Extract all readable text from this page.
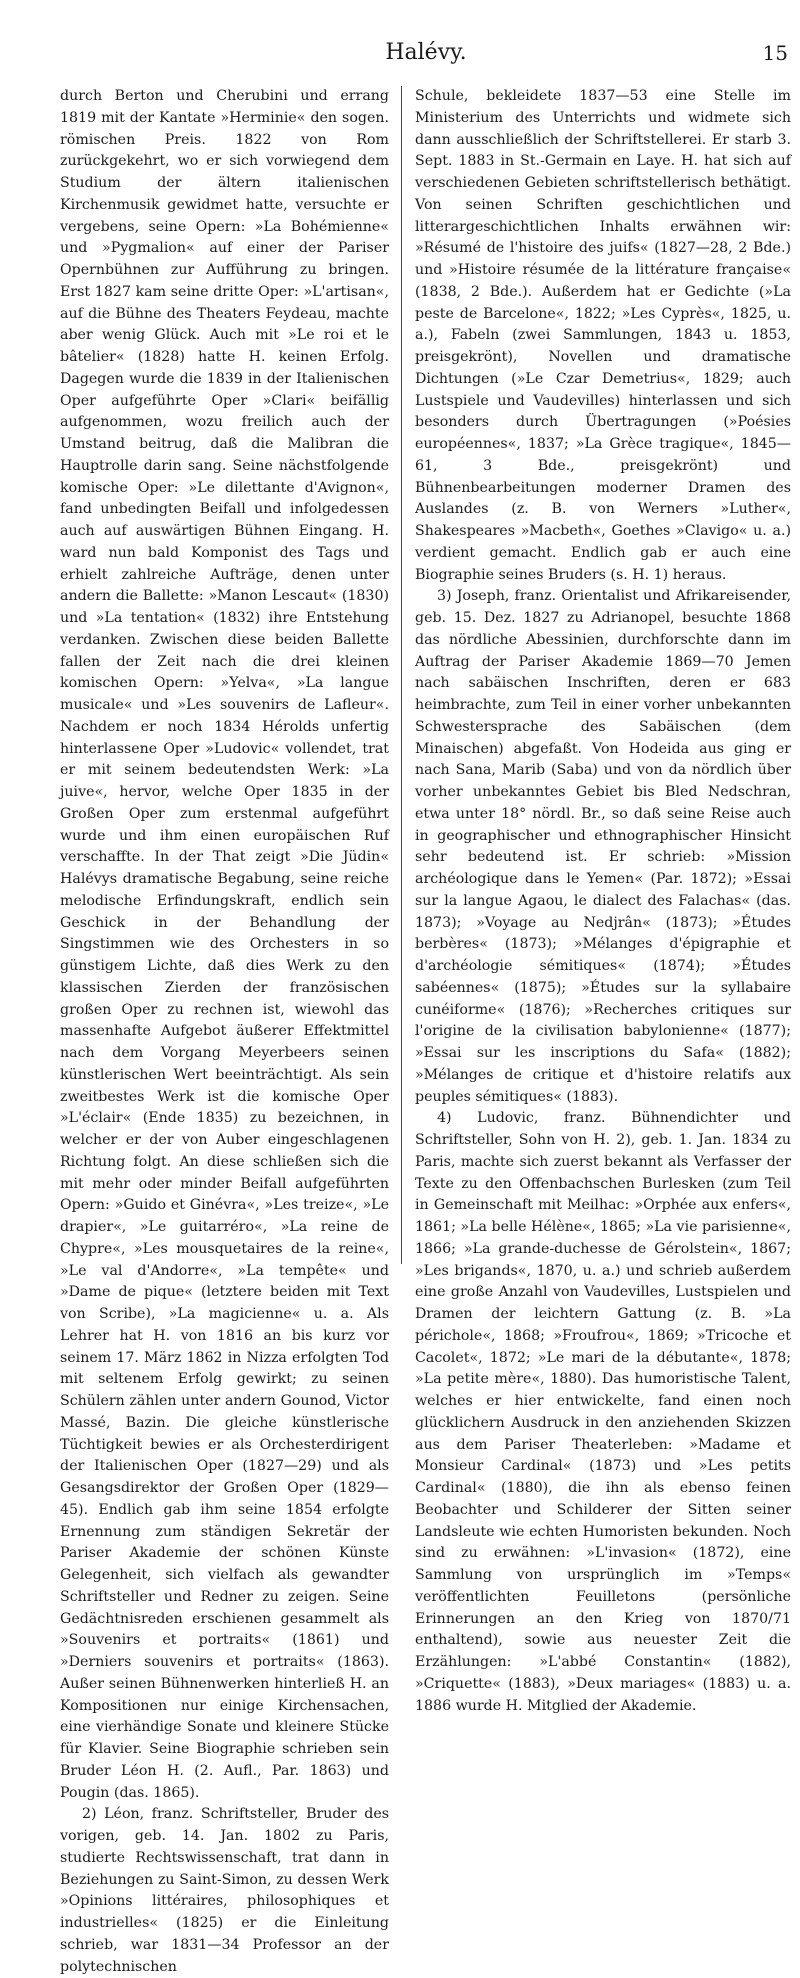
Halévy.	15

durch Berton und Cherubini und errang 1819 mit der Kantate »Herminie« den sogen. römischen Preis. 1822 von Rom zurückgekehrt, wo er sich vorwiegend dem Studium der ältern italienischen Kirchenmusik gewidmet hatte, versuchte er vergebens, seine Opern: »La Bohémienne« und »Pygmalion« auf einer der Pariser Opernbühnen zur Aufführung zu bringen. Erst 1827 kam seine dritte Oper: »L'artisan«, auf die Bühne des Theaters Feydeau, machte aber wenig Glück. Auch mit »Le roi et le bâtelier« (1828) hatte H. keinen Erfolg. Dagegen wurde die 1839 in der Italienischen Oper aufgeführte Oper »Clari« beifällig aufgenommen, wozu freilich auch der Umstand beitrug, daß die Malibran die Hauptrolle darin sang. Seine nächstfolgende komische Oper: »Le dilettante d'Avignon«, fand unbedingten Beifall und infolgedessen auch auf auswärtigen Bühnen Eingang. H. ward nun bald Komponist des Tags und erhielt zahlreiche Aufträge, denen unter andern die Ballette: »Manon Lescaut« (1830) und »La tentation« (1832) ihre Entstehung verdanken. Zwischen diese beiden Ballette fallen der Zeit nach die drei kleinen komischen Opern: »Yelva«, »La langue musicale« und »Les souvenirs de Lafleur«. Nachdem er noch 1834 Hérolds unfertig hinterlassene Oper »Ludovic« vollendet, trat er mit seinem bedeutendsten Werk: »La juive«, hervor, welche Oper 1835 in der Großen Oper zum erstenmal aufgeführt wurde und ihm einen europäischen Ruf verschaffte. In der That zeigt »Die Jüdin« Halévys dramatische Begabung, seine reiche melodische Erfindungskraft, endlich sein Geschick in der Behandlung der Singstimmen wie des Orchesters in so günstigem Lichte, daß dies Werk zu den klassischen Zierden der französischen großen Oper zu rechnen ist, wiewohl das massenhafte Aufgebot äußerer Effektmittel nach dem Vorgang Meyerbeers seinen künstlerischen Wert beeinträchtigt. Als sein zweitbestes Werk ist die komische Oper »L'éclair« (Ende 1835) zu bezeichnen, in welcher er der von Auber eingeschlagenen Richtung folgt. An diese schließen sich die mit mehr oder minder Beifall aufgeführten Opern: »Guido et Ginévra«, »Les treize«, »Le drapier«, »Le guitarréro«, »La reine de Chypre«, »Les mousquetaires de la reine«, »Le val d'Andorre«, »La tempête« und »Dame de pique« (letztere beiden mit Text von Scribe), »La magicienne« u. a. Als Lehrer hat H. von 1816 an bis kurz vor seinem 17. März 1862 in Nizza erfolgten Tod mit seltenem Erfolg gewirkt; zu seinen Schülern zählen unter andern Gounod, Victor Massé, Bazin. Die gleiche künstlerische Tüchtigkeit bewies er als Orchesterdirigent der Italienischen Oper (1827—29) und als Gesangsdirektor der Großen Oper (1829—45). Endlich gab ihm seine 1854 erfolgte Ernennung zum ständigen Sekretär der Pariser Akademie der schönen Künste Gelegenheit, sich vielfach als gewandter Schriftsteller und Redner zu zeigen. Seine Gedächtnisreden erschienen gesammelt als »Souvenirs et portraits« (1861) und »Derniers souvenirs et portraits« (1863). Außer seinen Bühnenwerken hinterließ H. an Kompositionen nur einige Kirchensachen, eine vierhändige Sonate und kleinere Stücke für Klavier. Seine Biographie schrieben sein Bruder Léon H. (2. Aufl., Par. 1863) und Pougin (das. 1865).

2) Léon, franz. Schriftsteller, Bruder des vorigen, geb. 14. Jan. 1802 zu Paris, studierte Rechtswissenschaft, trat dann in Beziehungen zu Saint-Simon, zu dessen Werk »Opinions littéraires, philosophiques et industrielles« (1825) er die Einleitung schrieb, war 1831—34 Professor an der polytechnischen

Schule, bekleidete 1837—53 eine Stelle im Ministerium des Unterrichts und widmete sich dann ausschließlich der Schriftstellerei. Er starb 3. Sept. 1883 in St.-Germain en Laye. H. hat sich auf verschiedenen Gebieten schriftstellerisch bethätigt. Von seinen Schriften geschichtlichen und litterargeschichtlichen Inhalts erwähnen wir: »Résumé de l'histoire des juifs« (1827—28, 2 Bde.) und »Histoire résumée de la littérature française« (1838, 2 Bde.). Außerdem hat er Gedichte (»La peste de Barcelone«, 1822; »Les Cyprès«, 1825, u. a.), Fabeln (zwei Sammlungen, 1843 u. 1853, preisgekrönt), Novellen und dramatische Dichtungen (»Le Czar Demetrius«, 1829; auch Lustspiele und Vaudevilles) hinterlassen und sich besonders durch Übertragungen (»Poésies européennes«, 1837; »La Grèce tragique«, 1845—61, 3 Bde., preisgekrönt) und Bühnenbearbeitungen moderner Dramen des Auslandes (z. B. von Werners »Luther«, Shakespeares »Macbeth«, Goethes »Clavigo« u. a.) verdient gemacht. Endlich gab er auch eine Biographie seines Bruders (s. H. 1) heraus.

3) Joseph, franz. Orientalist und Afrikareisender, geb. 15. Dez. 1827 zu Adrianopel, besuchte 1868 das nördliche Abessinien, durchforschte dann im Auftrag der Pariser Akademie 1869—70 Jemen nach sabäischen Inschriften, deren er 683 heimbrachte, zum Teil in einer vorher unbekannten Schwestersprache des Sabäischen (dem Minaischen) abgefaßt. Von Hodeida aus ging er nach Sana, Marib (Saba) und von da nördlich über vorher unbekanntes Gebiet bis Bled Nedschran, etwa unter 18° nördl. Br., so daß seine Reise auch in geographischer und ethnographischer Hinsicht sehr bedeutend ist. Er schrieb: »Mission archéologique dans le Yemen« (Par. 1872); »Essai sur la langue Agaou, le dialect des Falachas« (das. 1873); »Voyage au Nedjrân« (1873); »Études berbères« (1873); »Mélanges d'épigraphie et d'archéologie sémitiques« (1874); »Études sabéennes« (1875); »Études sur la syllabaire cunéiforme« (1876); »Recherches critiques sur l'origine de la civilisation babylonienne« (1877); »Essai sur les inscriptions du Safa« (1882); »Mélanges de critique et d'histoire relatifs aux peuples sémitiques« (1883).

4) Ludovic, franz. Bühnendichter und Schriftsteller, Sohn von H. 2), geb. 1. Jan. 1834 zu Paris, machte sich zuerst bekannt als Verfasser der Texte zu den Offenbachschen Burlesken (zum Teil in Gemeinschaft mit Meilhac: »Orphée aux enfers«, 1861; »La belle Hélène«, 1865; »La vie parisienne«, 1866; »La grande-duchesse de Gérolstein«, 1867; »Les brigands«, 1870, u. a.) und schrieb außerdem eine große Anzahl von Vaudevilles, Lustspielen und Dramen der leichtern Gattung (z. B. »La périchole«, 1868; »Froufrou«, 1869; »Tricoche et Cacolet«, 1872; »Le mari de la débutante«, 1878; »La petite mère«, 1880). Das humoristische Talent, welches er hier entwickelte, fand einen noch glücklichern Ausdruck in den anziehenden Skizzen aus dem Pariser Theaterleben: »Madame et Monsieur Cardinal« (1873) und »Les petits Cardinal« (1880), die ihn als ebenso feinen Beobachter und Schilderer der Sitten seiner Landsleute wie echten Humoristen bekunden. Noch sind zu erwähnen: »L'invasion« (1872), eine Sammlung von ursprünglich im »Temps« veröffentlichten Feuilletons (persönliche Erinnerungen an den Krieg von 1870/71 enthaltend), sowie aus neuester Zeit die Erzählungen: »L'abbé Constantin« (1882), »Criquette« (1883), »Deux mariages« (1883) u. a. 1886 wurde H. Mitglied der Akademie.
